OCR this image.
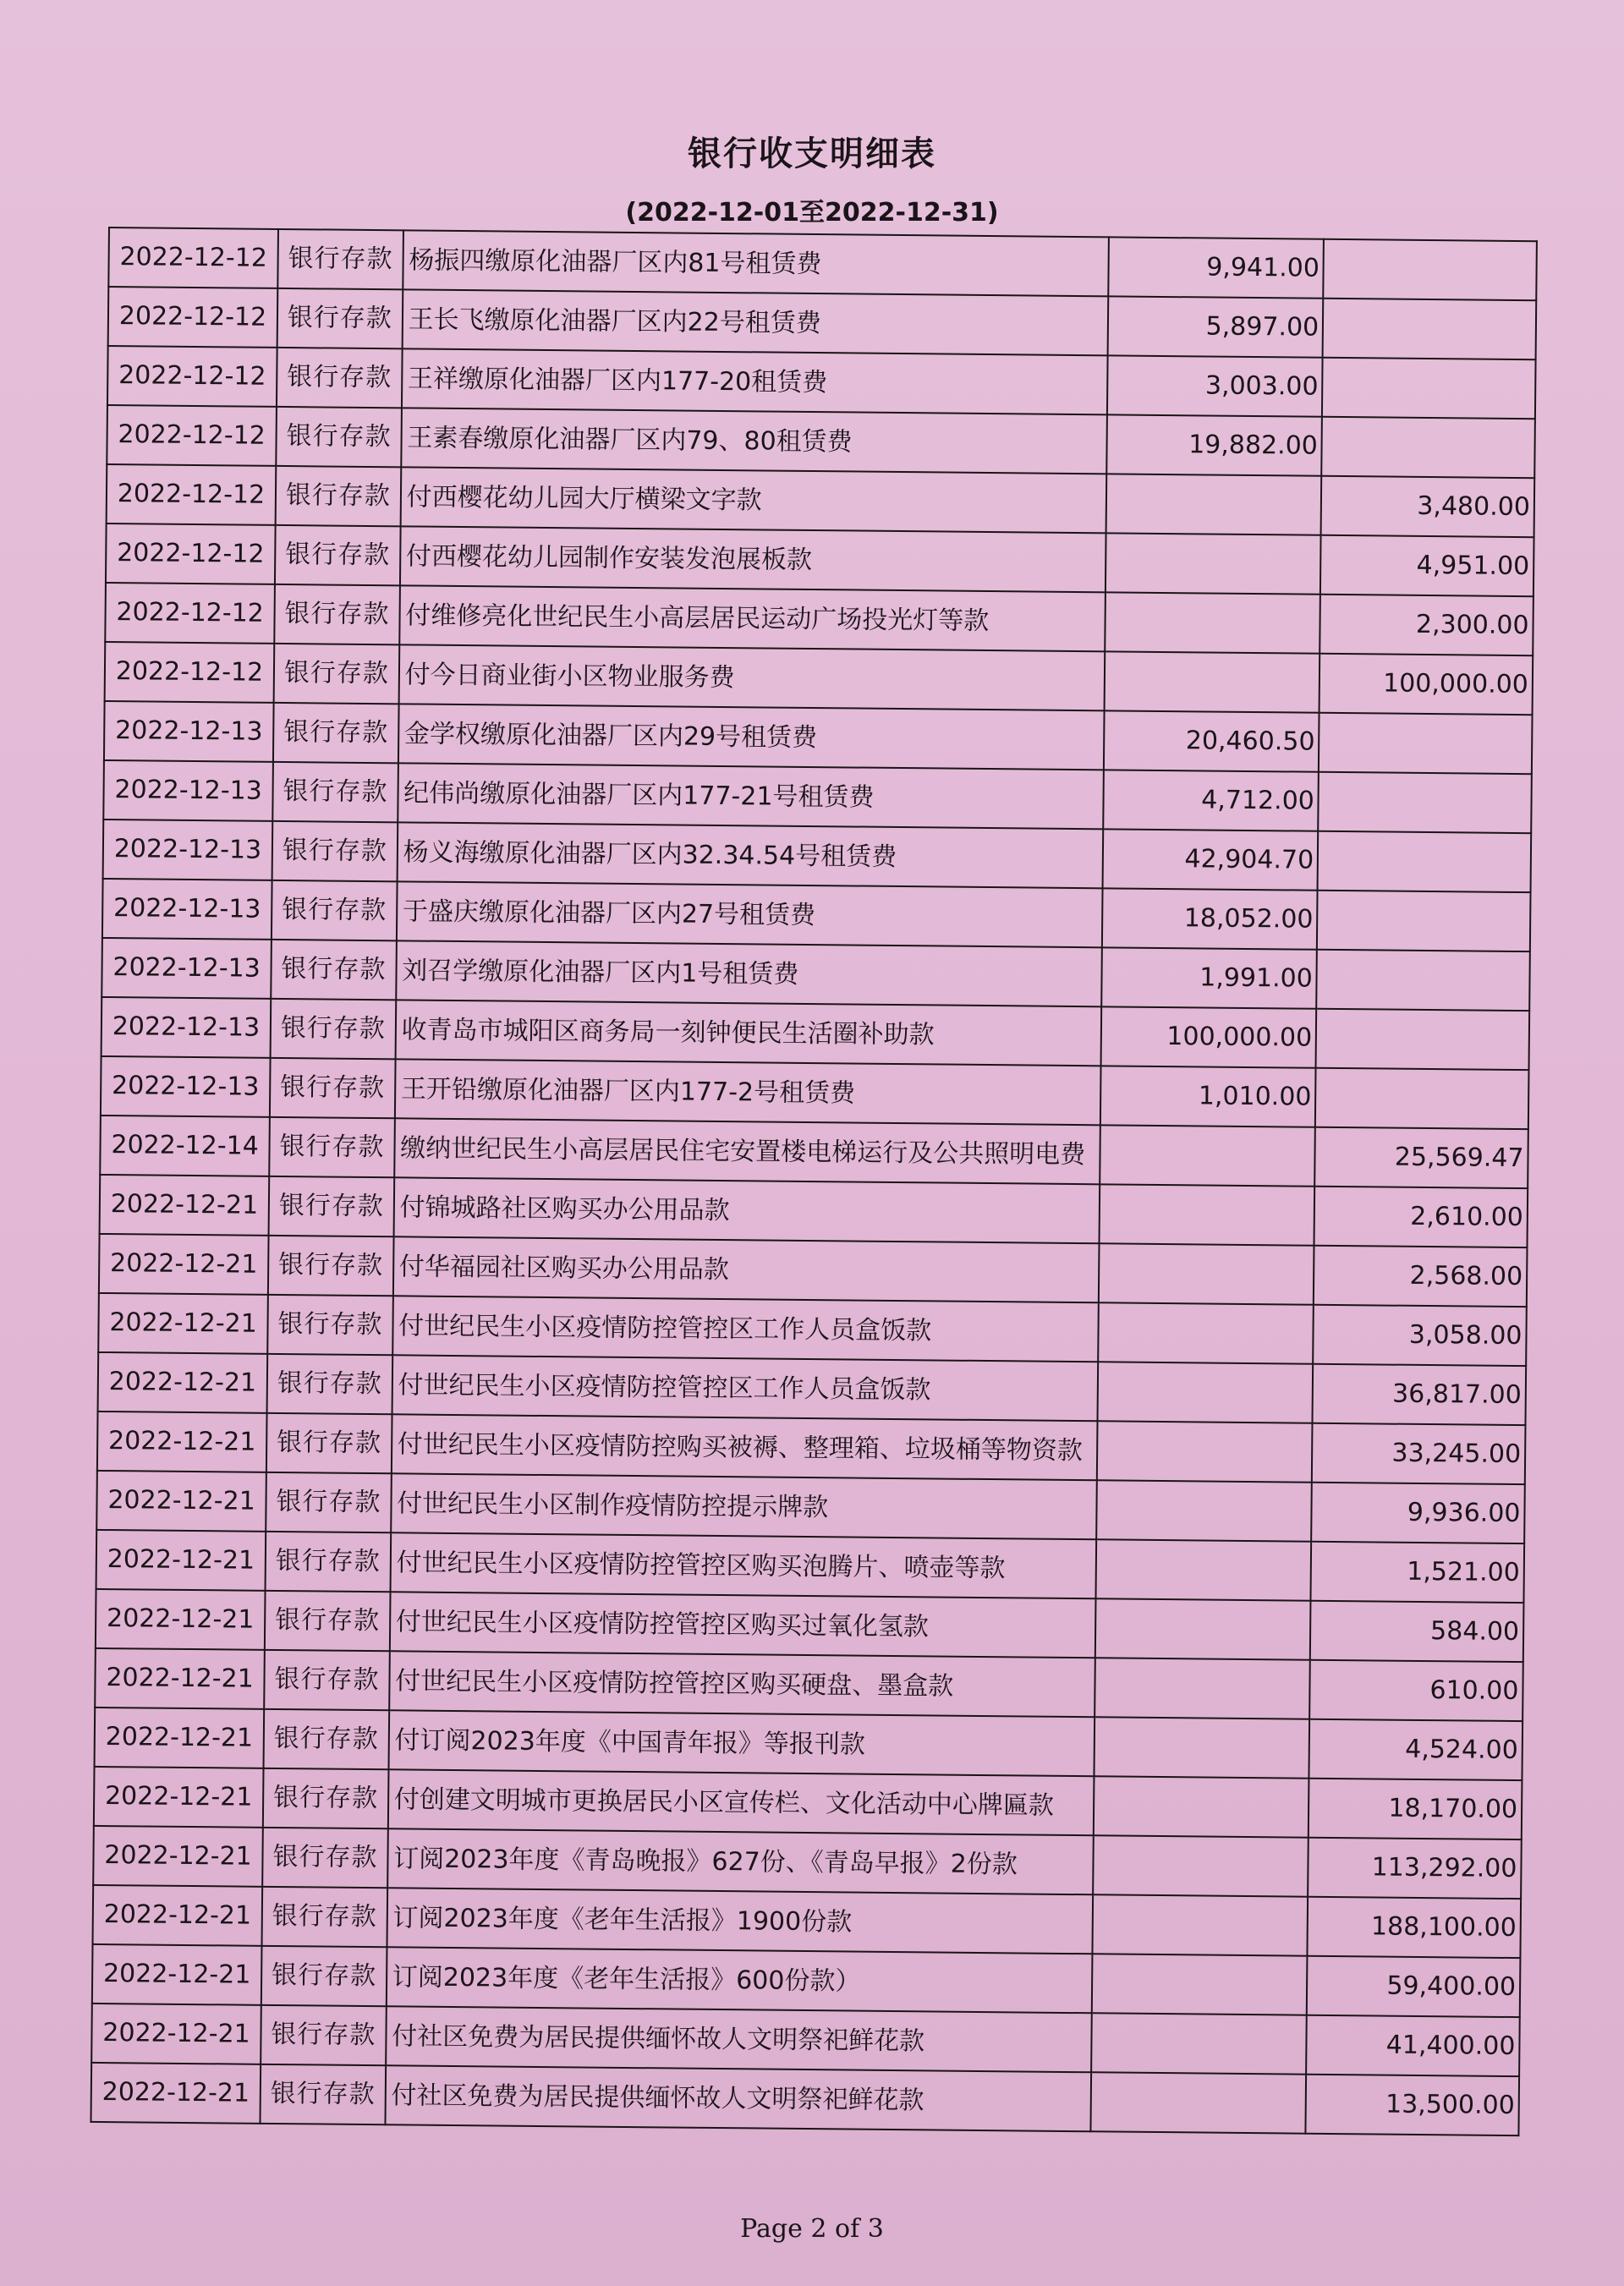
银行收支明细表
(2022-12-01至2022-12-31)
2022-12-12	银行存款	杨振四缴原化油器厂区内81号租赁费	9,941.00	
2022-12-12	银行存款	王长飞缴原化油器厂区内22号租赁费	5,897.00	
2022-12-12	银行存款	王祥缴原化油器厂区内177-20租赁费	3,003.00	
2022-12-12	银行存款	王素春缴原化油器厂区内79、80租赁费	19,882.00	
2022-12-12	银行存款	付西樱花幼儿园大厅横梁文字款		3,480.00
2022-12-12	银行存款	付西樱花幼儿园制作安装发泡展板款		4,951.00
2022-12-12	银行存款	付维修亮化世纪民生小高层居民运动广场投光灯等款		2,300.00
2022-12-12	银行存款	付今日商业街小区物业服务费		100,000.00
2022-12-13	银行存款	金学权缴原化油器厂区内29号租赁费	20,460.50	
2022-12-13	银行存款	纪伟尚缴原化油器厂区内177-21号租赁费	4,712.00	
2022-12-13	银行存款	杨义海缴原化油器厂区内32.34.54号租赁费	42,904.70	
2022-12-13	银行存款	于盛庆缴原化油器厂区内27号租赁费	18,052.00	
2022-12-13	银行存款	刘召学缴原化油器厂区内1号租赁费	1,991.00	
2022-12-13	银行存款	收青岛市城阳区商务局一刻钟便民生活圈补助款	100,000.00	
2022-12-13	银行存款	王开铅缴原化油器厂区内177-2号租赁费	1,010.00	
2022-12-14	银行存款	缴纳世纪民生小高层居民住宅安置楼电梯运行及公共照明电费		25,569.47
2022-12-21	银行存款	付锦城路社区购买办公用品款		2,610.00
2022-12-21	银行存款	付华福园社区购买办公用品款		2,568.00
2022-12-21	银行存款	付世纪民生小区疫情防控管控区工作人员盒饭款		3,058.00
2022-12-21	银行存款	付世纪民生小区疫情防控管控区工作人员盒饭款		36,817.00
2022-12-21	银行存款	付世纪民生小区疫情防控购买被褥、整理箱、垃圾桶等物资款		33,245.00
2022-12-21	银行存款	付世纪民生小区制作疫情防控提示牌款		9,936.00
2022-12-21	银行存款	付世纪民生小区疫情防控管控区购买泡腾片、喷壶等款		1,521.00
2022-12-21	银行存款	付世纪民生小区疫情防控管控区购买过氧化氢款		584.00
2022-12-21	银行存款	付世纪民生小区疫情防控管控区购买硬盘、墨盒款		610.00
2022-12-21	银行存款	付订阅2023年度《中国青年报》等报刊款		4,524.00
2022-12-21	银行存款	付创建文明城市更换居民小区宣传栏、文化活动中心牌匾款		18,170.00
2022-12-21	银行存款	订阅2023年度《青岛晚报》627份、《青岛早报》2份款		113,292.00
2022-12-21	银行存款	订阅2023年度《老年生活报》1900份款		188,100.00
2022-12-21	银行存款	订阅2023年度《老年生活报》600份款）		59,400.00
2022-12-21	银行存款	付社区免费为居民提供缅怀故人文明祭祀鲜花款		41,400.00
2022-12-21	银行存款	付社区免费为居民提供缅怀故人文明祭祀鲜花款		13,500.00
Page 2 of 3
